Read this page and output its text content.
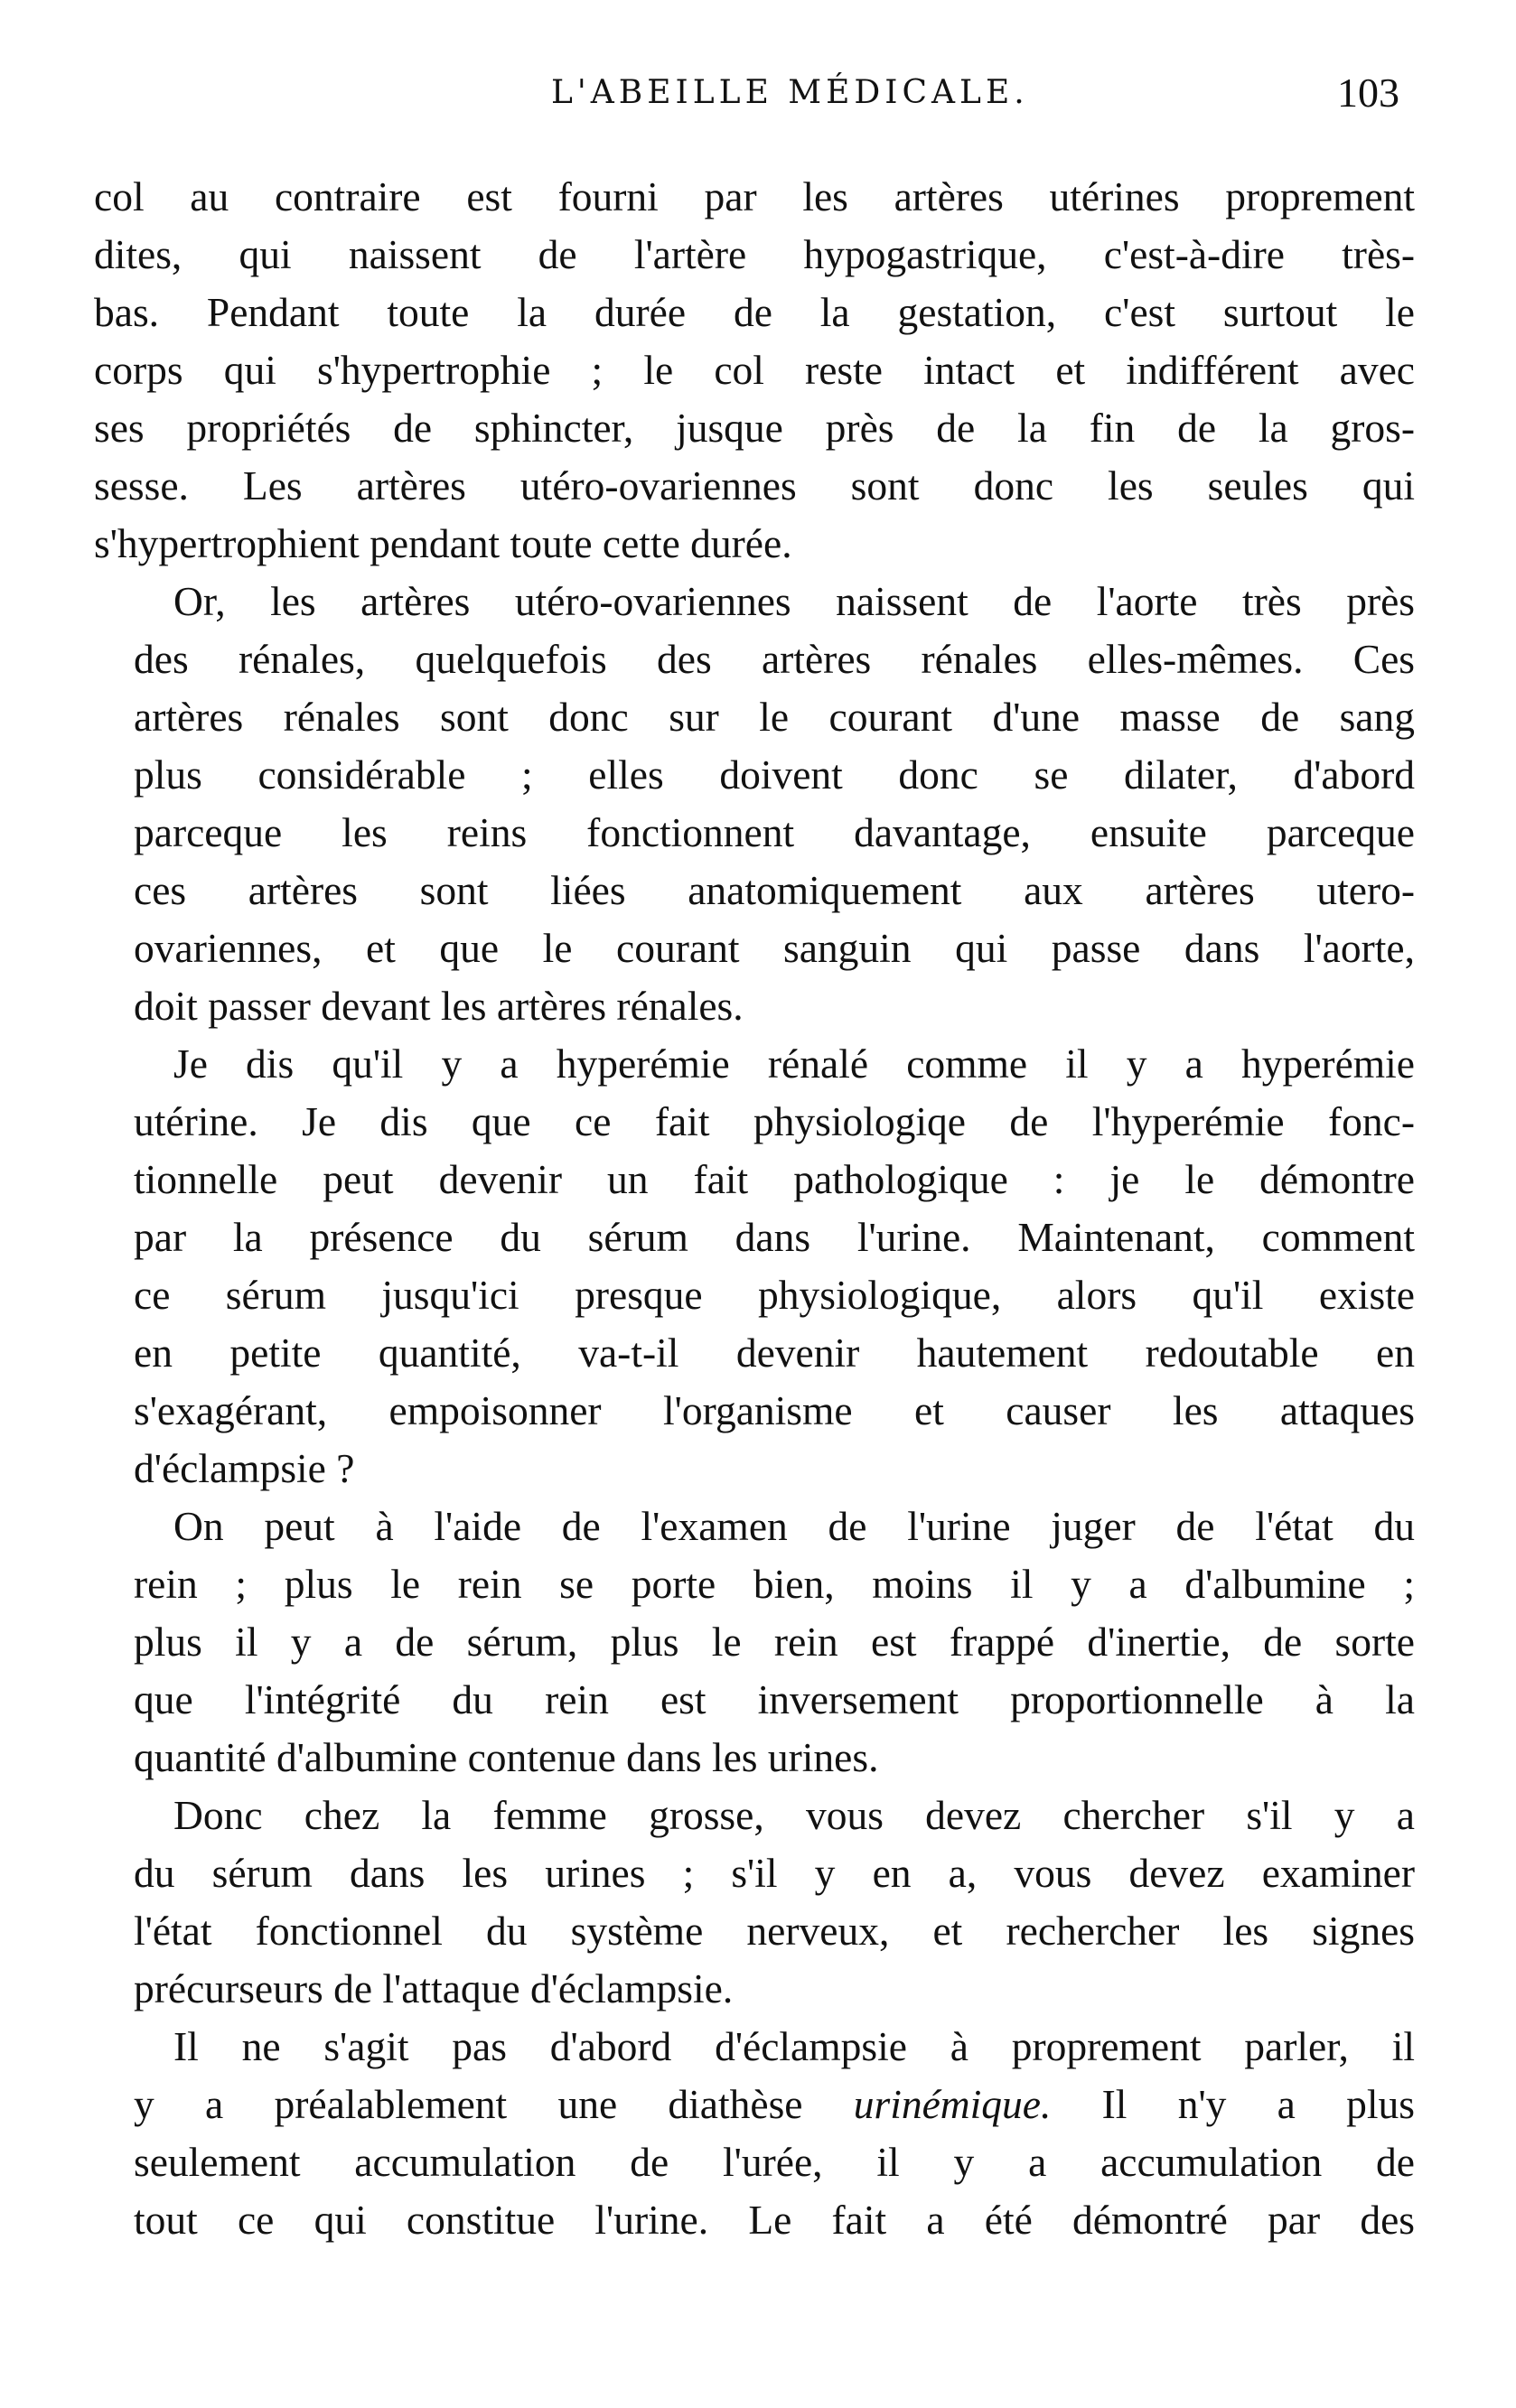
L'ABEILLE MÉDICALE.	103
col au contraire est fourni par les artères utérines proprement
dites, qui naissent de l'artère hypogastrique, c'est-à-dire très-
bas. Pendant toute la durée de la gestation, c'est surtout le
corps qui s'hypertrophie ; le col reste intact et indifférent avec
ses propriétés de sphincter, jusque près de la fin de la gros-
sesse. Les artères utéro-ovariennes sont donc les seules qui
s'hypertrophient pendant toute cette durée.
Or, les artères utéro-ovariennes naissent de l'aorte très près
des rénales, quelquefois des artères rénales elles-mêmes. Ces
artères rénales sont donc sur le courant d'une masse de sang
plus considérable ; elles doivent donc se dilater, d'abord
parceque les reins fonctionnent davantage, ensuite parceque
ces artères sont liées anatomiquement aux artères utero-
ovariennes, et que le courant sanguin qui passe dans l'aorte,
doit passer devant les artères rénales.
Je dis qu'il y a hyperémie rénalé comme il y a hyperémie
utérine. Je dis que ce fait physiologiqe de l'hyperémie fonc-
tionnelle peut devenir un fait pathologique : je le démontre
par la présence du sérum dans l'urine. Maintenant, comment
ce sérum jusqu'ici presque physiologique, alors qu'il existe
en petite quantité, va-t-il devenir hautement redoutable en
s'exagérant, empoisonner l'organisme et causer les attaques
d'éclampsie ?
On peut à l'aide de l'examen de l'urine juger de l'état du
rein ; plus le rein se porte bien, moins il y a d'albumine ;
plus il y a de sérum, plus le rein est frappé d'inertie, de sorte
que l'intégrité du rein est inversement proportionnelle à la
quantité d'albumine contenue dans les urines.
Donc chez la femme grosse, vous devez chercher s'il y a
du sérum dans les urines ; s'il y en a, vous devez examiner
l'état fonctionnel du système nerveux, et rechercher les signes
précurseurs de l'attaque d'éclampsie.
Il ne s'agit pas d'abord d'éclampsie à proprement parler, il
y a préalablement une diathèse urinémique. Il n'y a plus
seulement accumulation de l'urée, il y a accumulation de
tout ce qui constitue l'urine. Le fait a été démontré par des
